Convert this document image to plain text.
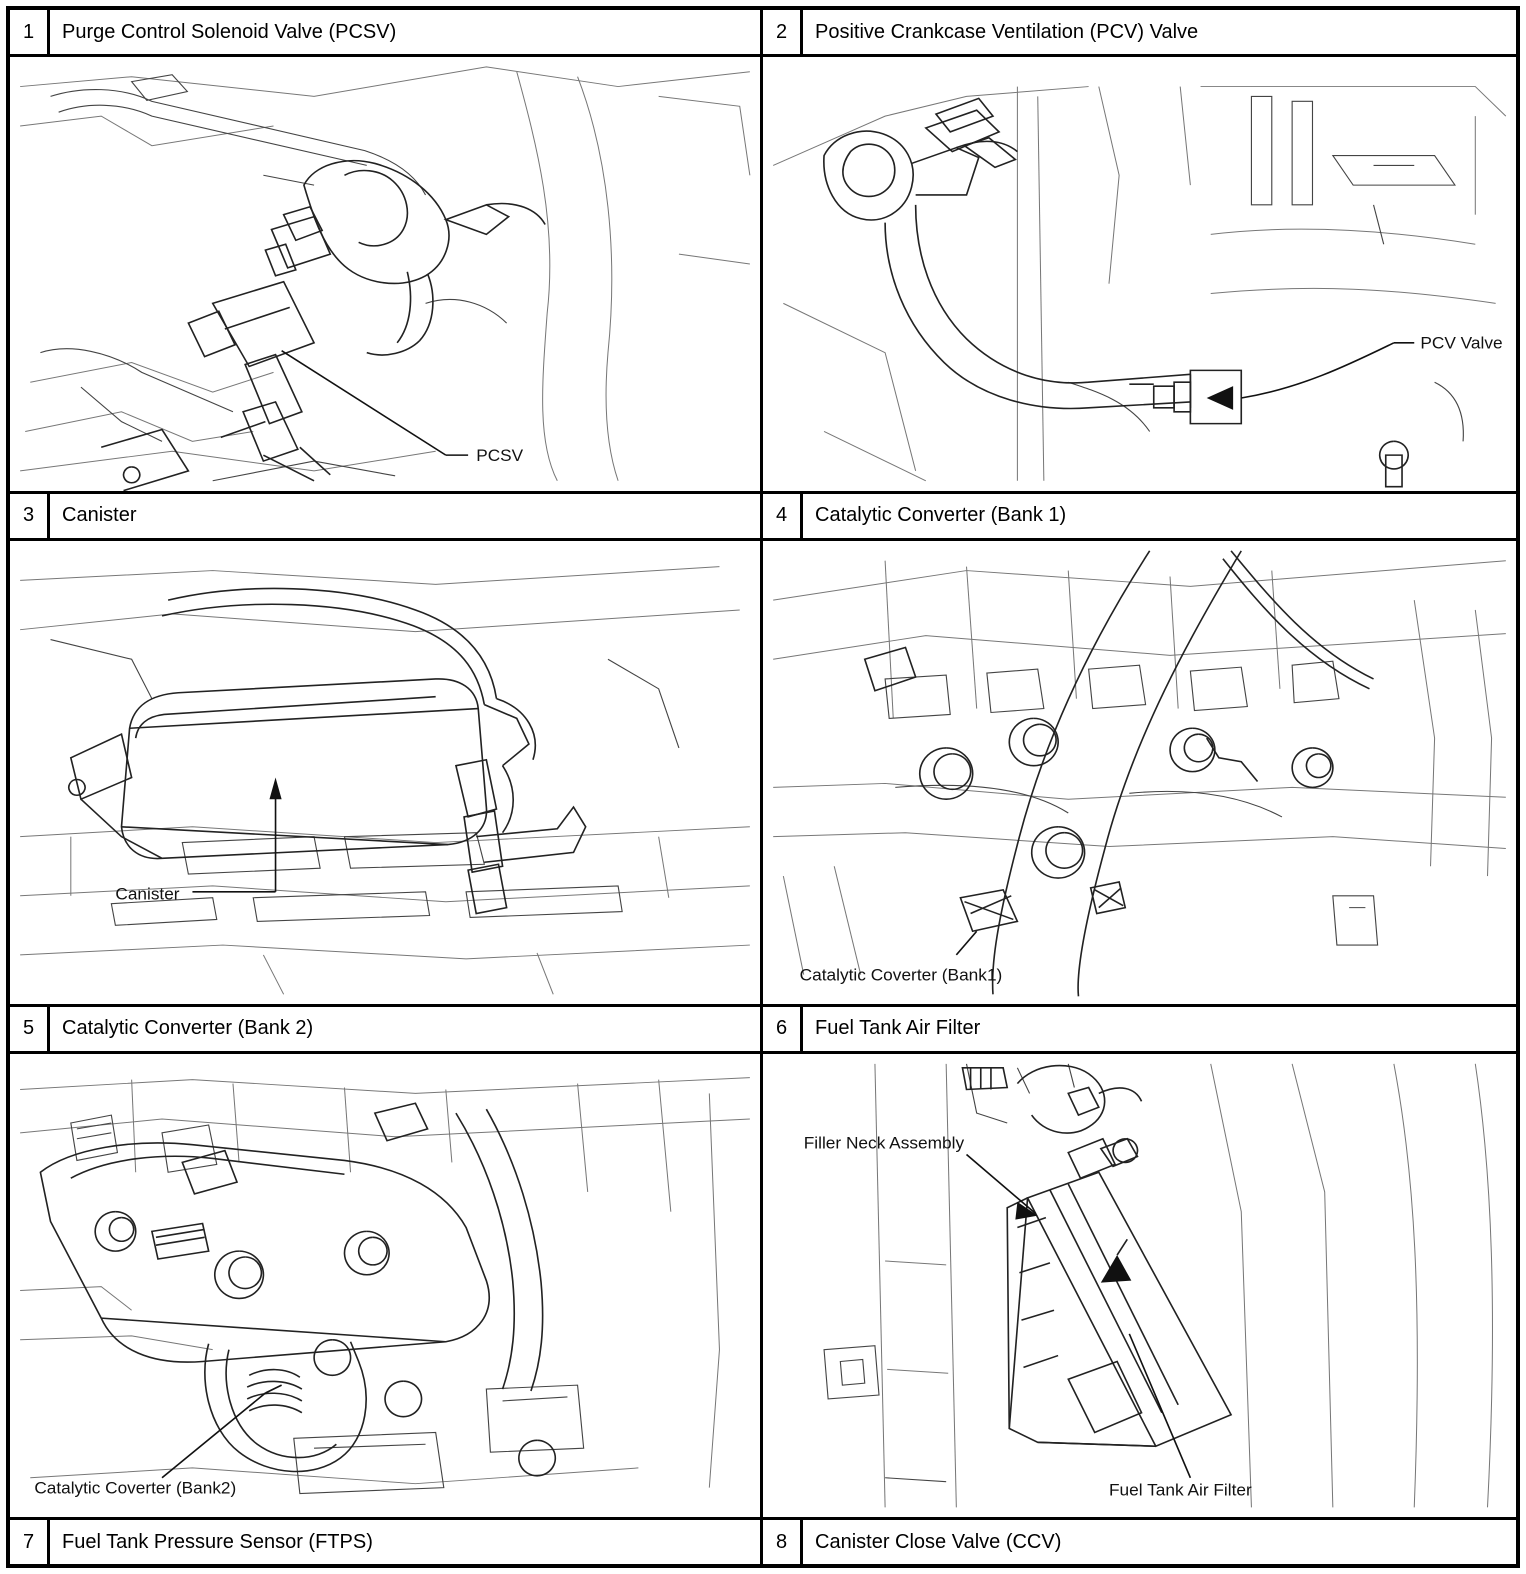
1	Purge Control Solenoid Valve (PCSV)	2	Positive Crankcase Ventilation (PCV) Valve
PCSV
PCV Valve
3	Canister	4	Catalytic Converter (Bank 1)
Canister
Catalytic Coverter (Bank1)
5	Catalytic Converter (Bank 2)	6	Fuel Tank Air Filter
Catalytic Coverter (Bank2)
Filler Neck Assembly
Fuel Tank Air Filter
7	Fuel Tank Pressure Sensor (FTPS)	8	Canister Close Valve (CCV)
